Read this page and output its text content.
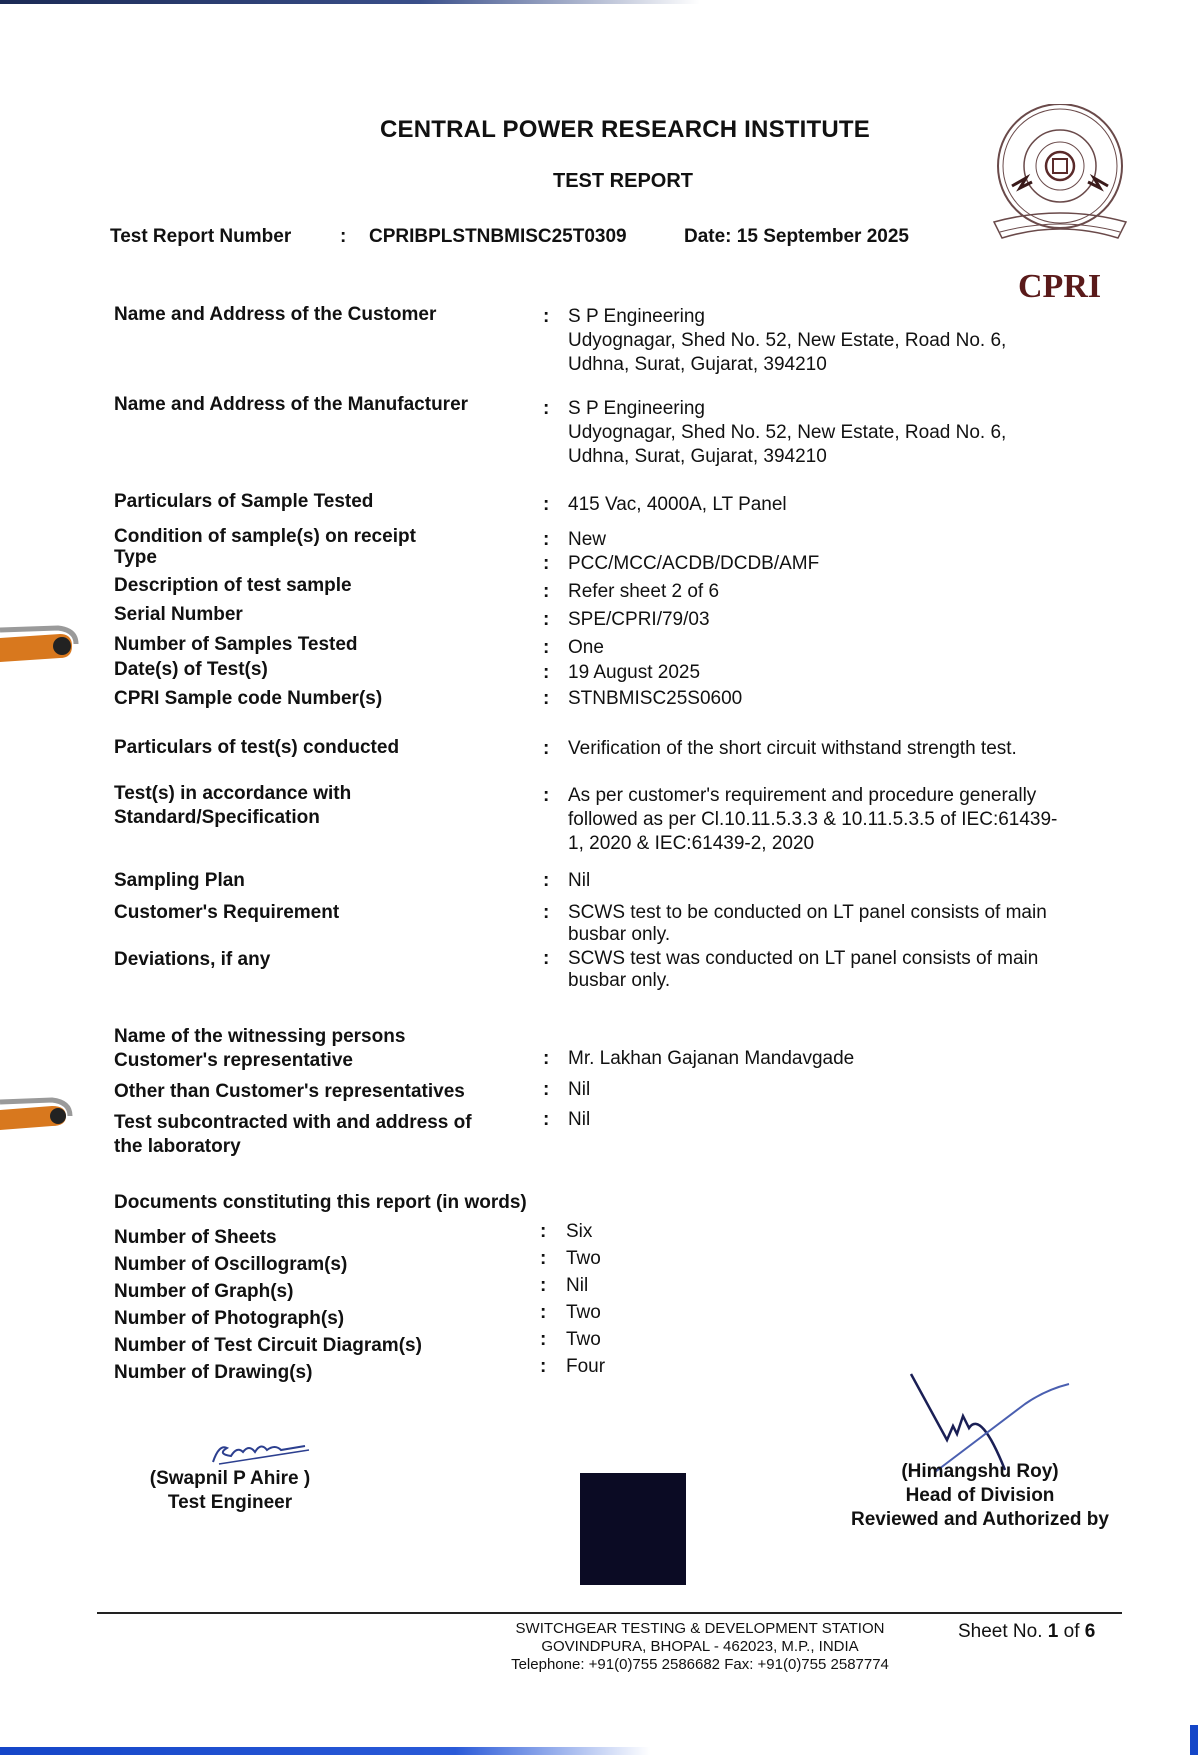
CENTRAL POWER RESEARCH INSTITUTE
TEST REPORT
Test Report Number	: CPRIBPLSTNBMISC25T0309	Date: 15 September 2025
CPRI
Name and Address of the Customer	: S P Engineering
Udyognagar, Shed No. 52, New Estate, Road No. 6,
Udhna, Surat, Gujarat, 394210
Name and Address of the Manufacturer	: S P Engineering
Udyognagar, Shed No. 52, New Estate, Road No. 6,
Udhna, Surat, Gujarat, 394210
Particulars of Sample Tested	: 415 Vac, 4000A, LT Panel
Condition of sample(s) on receipt	: New
Type	: PCC/MCC/ACDB/DCDB/AMF
Description of test sample	: Refer sheet 2 of 6
Serial Number	: SPE/CPRI/79/03
Number of Samples Tested	: One
Date(s) of Test(s)	: 19 August 2025
CPRI Sample code Number(s)	: STNBMISC25S0600
Particulars of test(s) conducted	: Verification of the short circuit withstand strength test.
Test(s) in accordance with
Standard/Specification
: As per customer's requirement and procedure generally
followed as per Cl.10.11.5.3.3 & 10.11.5.3.5 of IEC:61439-
1, 2020 & IEC:61439-2, 2020
Sampling Plan	: Nil
Customer's Requirement	: SCWS test to be conducted on LT panel consists of main
busbar only.
Deviations, if any	: SCWS test was conducted on LT panel consists of main
busbar only.
Name of the witnessing persons
Customer's representative	: Mr. Lakhan Gajanan Mandavgade
Other than Customer's representatives	: Nil
Test subcontracted with and address of
the laboratory
: Nil
Documents constituting this report (in words)
Number of Sheets	: Six
Number of Oscillogram(s)	: Two
Number of Graph(s)	: Nil
Number of Photograph(s)	: Two
Number of Test Circuit Diagram(s)	: Two
Number of Drawing(s)	: Four
(Swapnil P Ahire )
Test Engineer
(Himangshu Roy)
Head of Division
Reviewed and Authorized by
SWITCHGEAR TESTING & DEVELOPMENT STATION
GOVINDPURA, BHOPAL - 462023, M.P., INDIA
Telephone: +91(0)755 2586682 Fax: +91(0)755 2587774
Sheet No. 1 of 6
